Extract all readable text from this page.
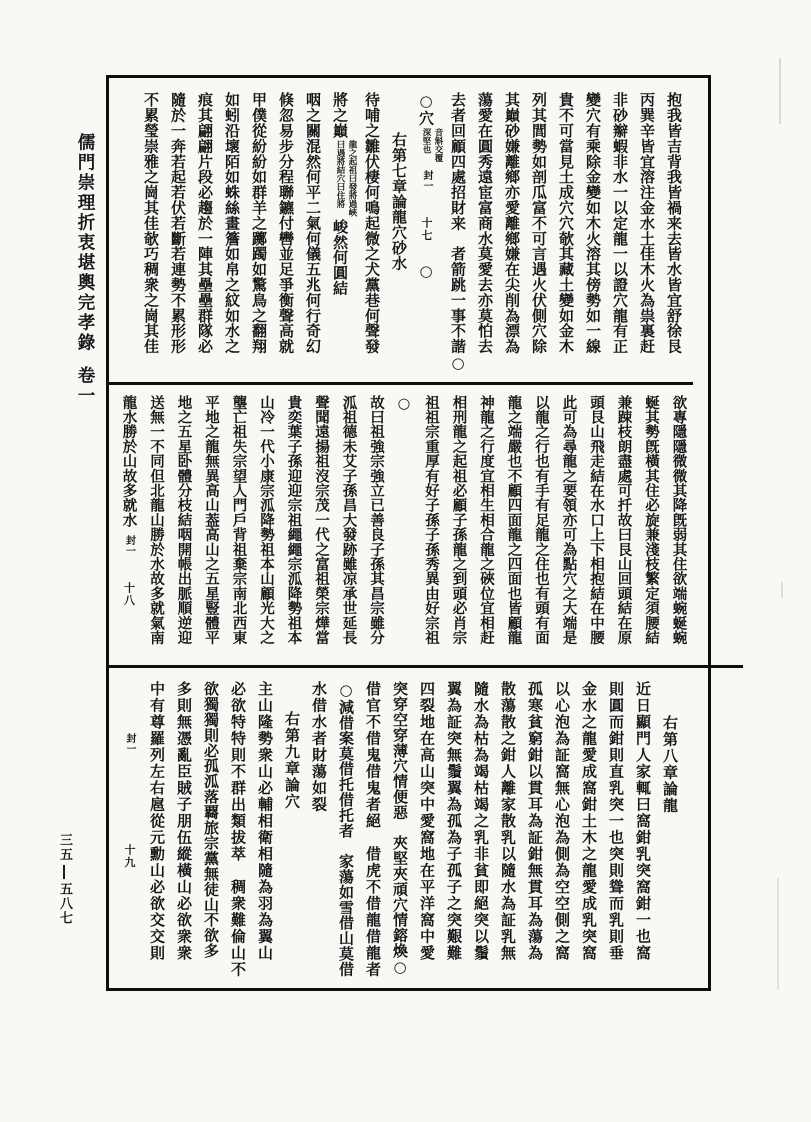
儒門崇理折衷堪輿完孝錄卷一
三五五八七
抱我皆吉背我皆禍来去皆水皆宜舒徐艮
丙巽辛皆宜溶注金水土佳木火為祟裏赶
非砂辮蝦非水一以定龍一以證穴龍有正
變穴有乘除金變如木火溶其傍勢如一線
貴不可當見土成穴穴欹其藏土變如金木
列其閭勢如剖瓜富不可言遇火伏側穴除
其巔砂嫌離鄉亦愛離鄉嫌在尖削為漂為
蕩愛在圓秀遠宦富商水莫愛去亦莫怕去
去者回顧四處招財来　者箭跳一事不諧○
○穴
音斛交覆
深堅也
封一十七○
右第七章論龍穴砂水
待哺之雛伏棲何鳴起微之犬黨巷何聲發
將之巔
龍之起祖曰發將過峽
曰遇將結穴曰住將
峻然何圓結
咽之關混然何平二氣何儀五兆何行奇幻
倏忽易步分程聯鑣付轡並足爭衡聲高就
甲僕從紛紛如群羊之躑躅如驚鳥之翻翔
如蚓沿壞陌如蛛絲畫簷如帛之紋如水之
痕其翩翩片段必趨於一陣其壘壘群隊必
隨於一奔若起若伏若斷若連勢不累形形
不累瑩崇雅之崗其佳欹巧稠衆之崗其佳
欲專隱隱微微其降旣弱其住欲端蜿蜒蜿
蜒其勢旣橫其住必旋兼淺枝繁定須腰結
兼踈枝朗盡處可扦故曰艮山回頭結在原
頭艮山飛走結在水口上下相抱結在中腰
此可為尋龍之要領亦可為點穴之大端是
以龍之行也有手有足龍之住也有頭有面
龍之端嚴也不顧四面龍之四面也皆顧龍
神龍之行度宜相生相合龍之硤位宜相赶
相刑龍之起祖必顧子孫龍之到頭必肖宗
祖祖宗重厚有好子孫子孫秀異由好宗祖○
故曰祖強宗強立已善良子孫其昌宗雖分
泒祖德未艾子孫昌大發跡雖凉承世延長
聲聞遠揚祖沒宗茂一代之富祖榮宗燁當
貴奕葉子孫迎迎宗祖繩繩宗泒降勢祖本
山冷一代小康宗泒降勢祖本山顧光大之
壟亡祖失宗望人門戶背祖棄宗南北西東
平地之龍無異高山葢高山之五星豎體平
地之五星卧體分枝結咽開帳出脈順逆迎
送無一不同但北龍山勝於水故多就氣南
龍水勝於山故多就水封一十八
右第八章論龍
近日顯門人家輒曰窩鉗乳突窩鉗一也窩
則圓而鉗則直乳突一也突則聳而乳則垂
金水之龍愛成窩鉗土木之龍愛成乳突窩
以心泡為証窩無心泡為側為空空側之窩
孤寒貧窮鉗以貫耳為証鉗無貫耳為蕩為
散蕩散之鉗人離家散乳以隨水為証乳無
隨水為枯為竭枯竭之乳非貧即絕突以鬚
翼為証突無鬚翼為孤為子孤子之突艱難
四裂地在高山突中愛窩地在平洋窩中愛
突穿空穿薄穴情便惡　夾堅夾頑穴情鎔煥○
借官不借鬼借鬼者絕　借虎不借龍借龍者
○減借案莫借托借托者　家蕩如雪借山莫借
水借水者財蕩如裂
右第九章論穴
主山隆勢衆山必輔相衛相隨為羽為翼山
必欲特特則不群出類拔萃　稠衆難倫山不
欲獨獨則必孤泒落覉旅宗黨無徒山不欲多
多則無憑亂臣賊子朋伍縱橫山必欲衆衆
中有尊羅列左右扈從元勳山必欲交交則
封一十九
